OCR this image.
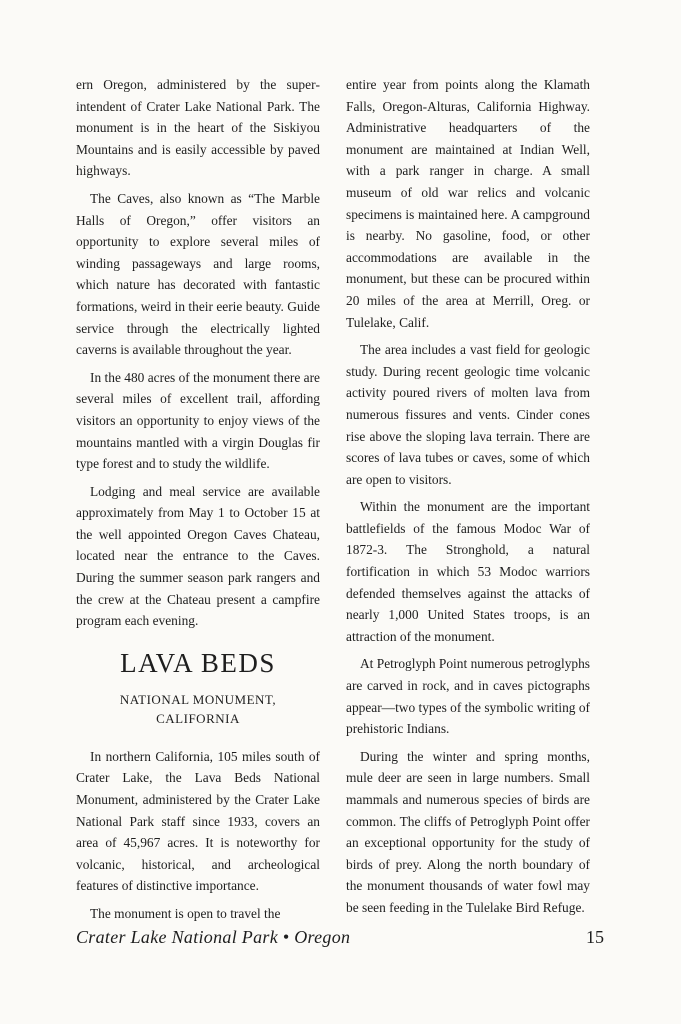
ern Oregon, administered by the superintendent of Crater Lake National Park. The monument is in the heart of the Siskiyou Mountains and is easily accessible by paved highways.

The Caves, also known as “The Marble Halls of Oregon,” offer visitors an opportunity to explore several miles of winding passageways and large rooms, which nature has decorated with fantastic formations, weird in their eerie beauty. Guide service through the electrically lighted caverns is available throughout the year.

In the 480 acres of the monument there are several miles of excellent trail, affording visitors an opportunity to enjoy views of the mountains mantled with a virgin Douglas fir type forest and to study the wildlife.

Lodging and meal service are available approximately from May 1 to October 15 at the well appointed Oregon Caves Chateau, located near the entrance to the Caves. During the summer season park rangers and the crew at the Chateau present a campfire program each evening.

LAVA BEDS
NATIONAL MONUMENT,
CALIFORNIA

In northern California, 105 miles south of Crater Lake, the Lava Beds National Monument, administered by the Crater Lake National Park staff since 1933, covers an area of 45,967 acres. It is noteworthy for volcanic, historical, and archeological features of distinctive importance.

The monument is open to travel the

entire year from points along the Klamath Falls, Oregon-Alturas, California Highway. Administrative headquarters of the monument are maintained at Indian Well, with a park ranger in charge. A small museum of old war relics and volcanic specimens is maintained here. A campground is nearby. No gasoline, food, or other accommodations are available in the monument, but these can be procured within 20 miles of the area at Merrill, Oreg. or Tulelake, Calif.

The area includes a vast field for geologic study. During recent geologic time volcanic activity poured rivers of molten lava from numerous fissures and vents. Cinder cones rise above the sloping lava terrain. There are scores of lava tubes or caves, some of which are open to visitors.

Within the monument are the important battlefields of the famous Modoc War of 1872-3. The Stronghold, a natural fortification in which 53 Modoc warriors defended themselves against the attacks of nearly 1,000 United States troops, is an attraction of the monument.

At Petroglyph Point numerous petroglyphs are carved in rock, and in caves pictographs appear—two types of the symbolic writing of prehistoric Indians.

During the winter and spring months, mule deer are seen in large numbers. Small mammals and numerous species of birds are common. The cliffs of Petroglyph Point offer an exceptional opportunity for the study of birds of prey. Along the north boundary of the monument thousands of water fowl may be seen feeding in the Tulelake Bird Refuge.

Crater Lake National Park • Oregon	15
